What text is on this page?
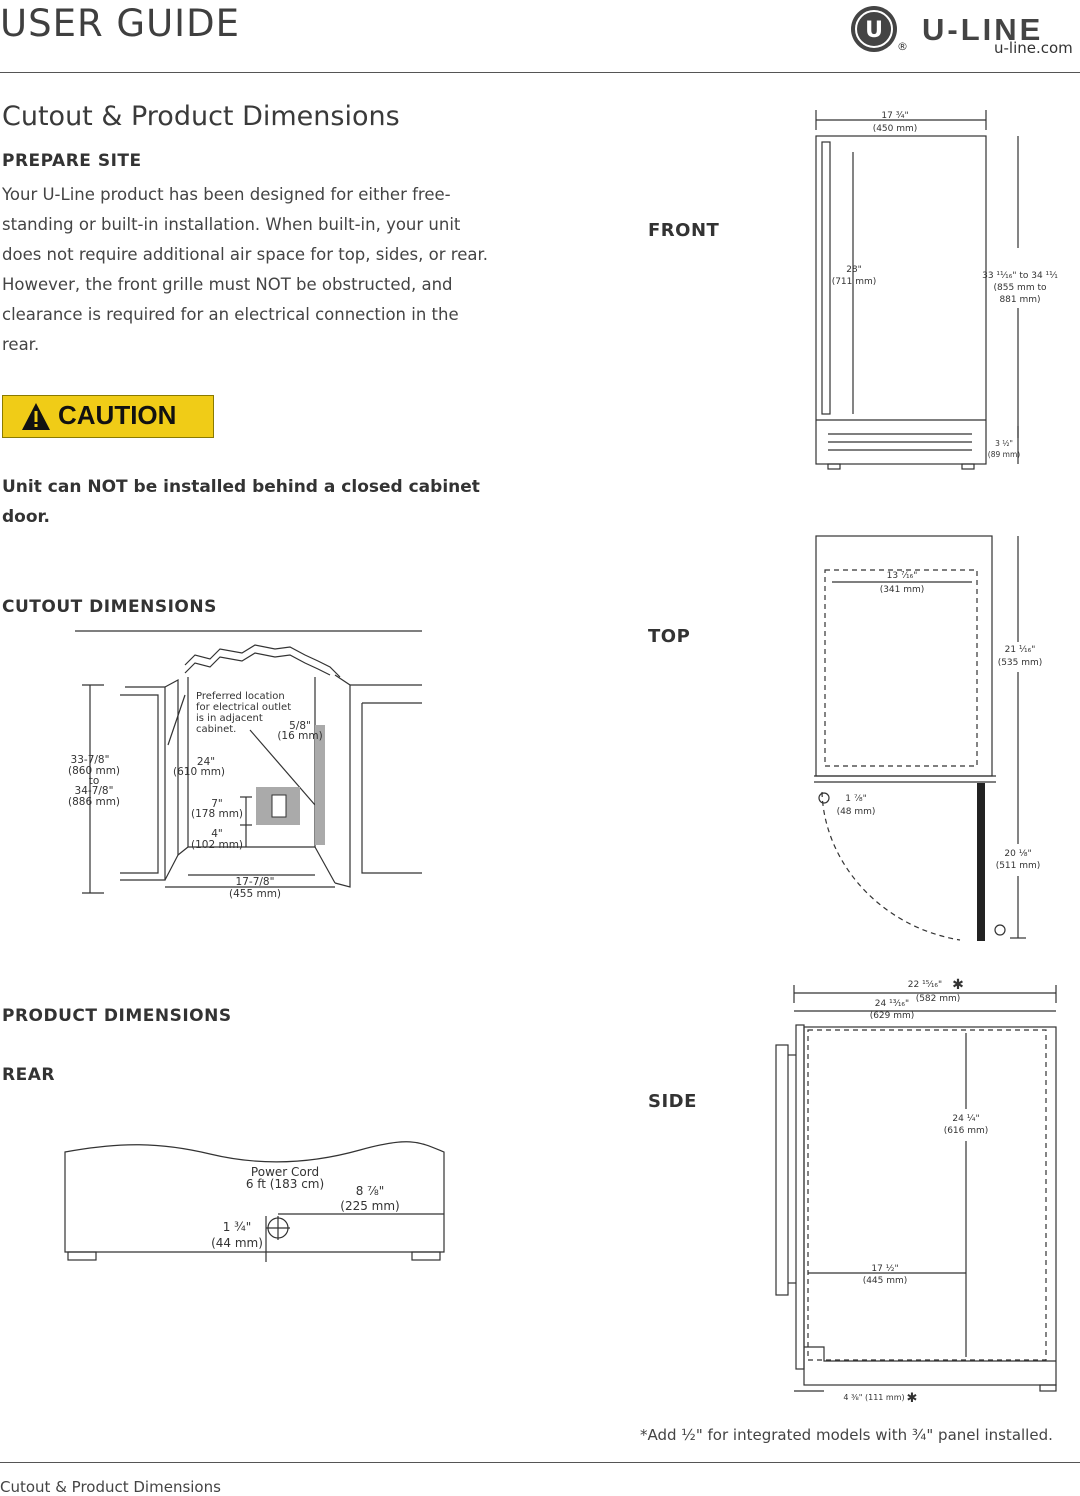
USER GUIDE	U
® U-LINE
u-line.com
Cutout & Product Dimensions
PREPARE SITE
Your U-Line product has been designed for either free-standing or built-in installation. When built-in, your unit does not require additional air space for top, sides, or rear. However, the front grille must NOT be obstructed, and clearance is required for an electrical connection in the rear.
CAUTION
Unit can NOT be installed behind a closed cabinet door.
CUTOUT DIMENSIONS
33-7/8"
(860 mm)
to
34-7/8"
(886 mm)
Preferred location
for electrical outlet
is in adjacent
cabinet.	5/8"
(16 mm)
24"
(610 mm)
7"
(178 mm)
4"
(102 mm)
17-7/8"
(455 mm)
PRODUCT DIMENSIONS
REAR
Power Cord
6 ft (183 cm)	8 ⅞"
(225 mm)
1 ¾"
(44 mm)
FRONT
TOP
SIDE
17 ¾"
(450 mm)
28"
(711 mm)
33 ¹¹⁄₁₆" to 34 ¹¹⁄₁
(855 mm to
881 mm)
3 ½"
(89 mm)
13 ⁷⁄₁₆"
(341 mm)
21 ¹⁄₁₆"
(535 mm)
1 ⅞"
(48 mm)
20 ⅛"
(511 mm)
22 ¹⁵⁄₁₆" ✱
(582 mm)
24 ¹³⁄₁₆"
(629 mm)
24 ¼"
(616 mm)
17 ½"
(445 mm)
4 ⅜" (111 mm) ✱
*Add ½" for integrated models with ¾" panel installed.
Cutout & Product Dimensions
